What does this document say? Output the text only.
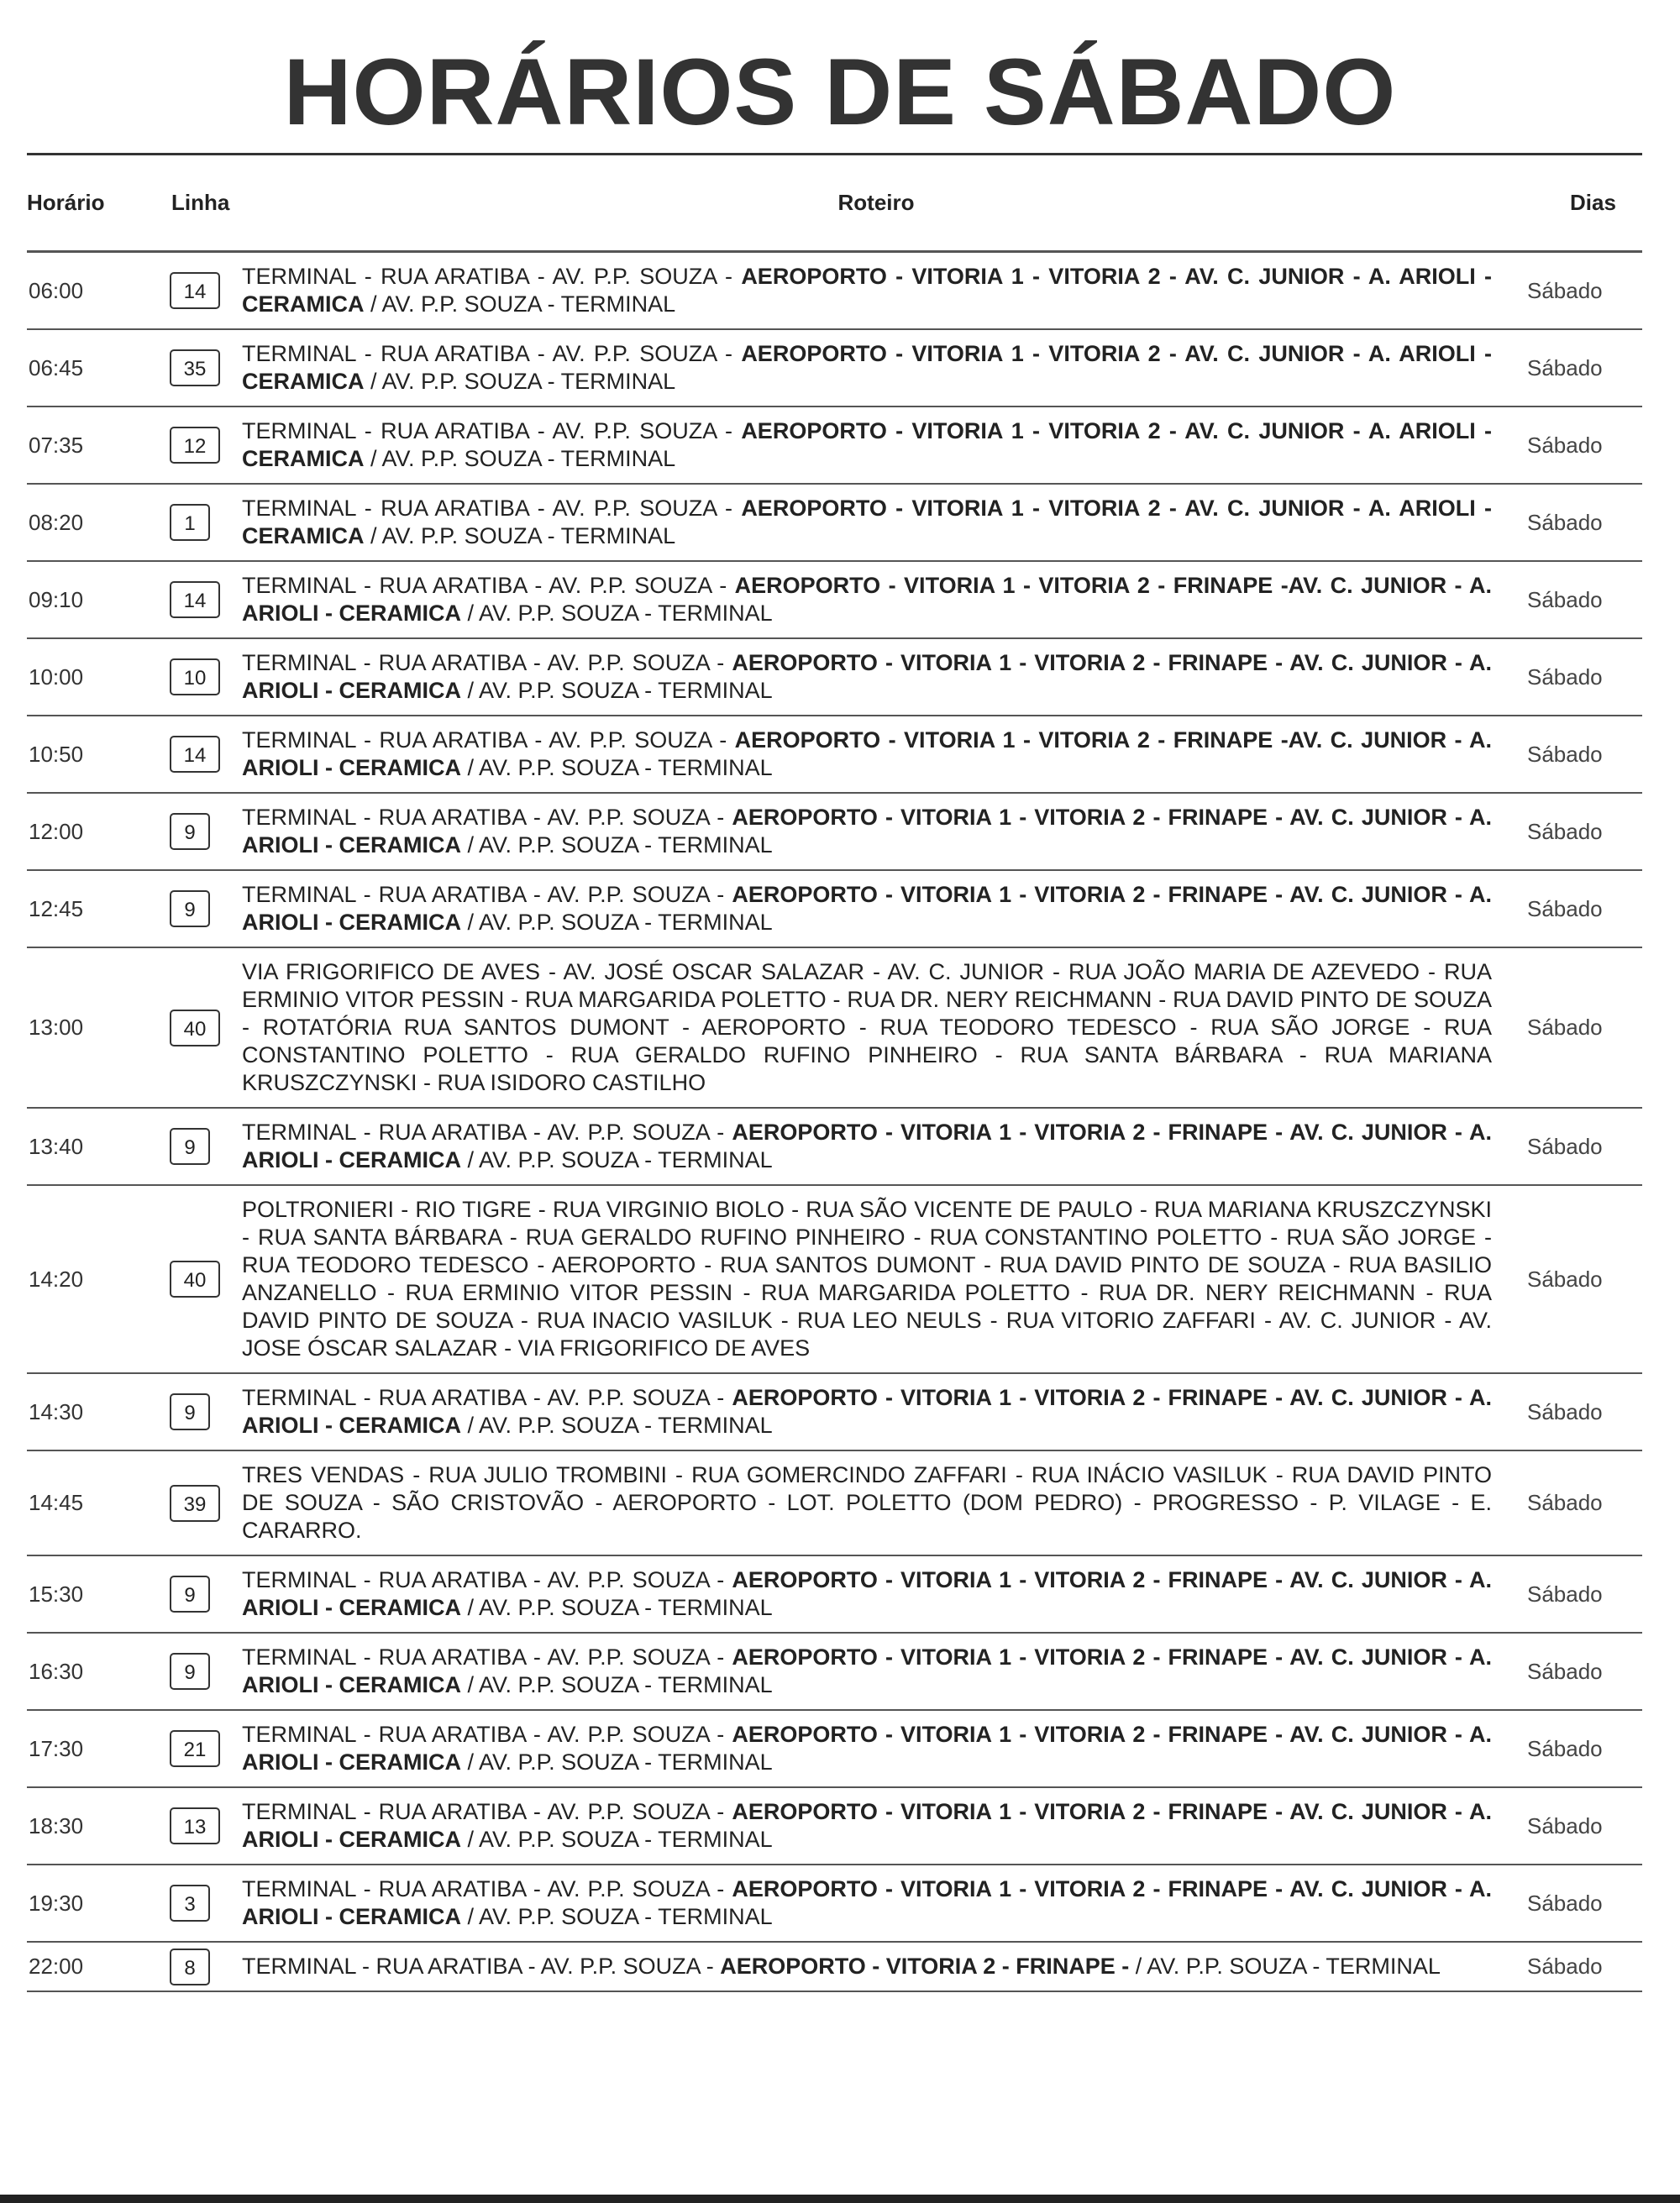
HORÁRIOS DE SÁBADO
Horário	Linha	Roteiro	Dias
06:00	14	TERMINAL - RUA ARATIBA - AV. P.P. SOUZA - AEROPORTO - VITORIA 1 - VITORIA 2 - AV. C. JUNIOR - A. ARIOLI - CERAMICA / AV. P.P. SOUZA - TERMINAL	Sábado
06:45	35	TERMINAL - RUA ARATIBA - AV. P.P. SOUZA - AEROPORTO - VITORIA 1 - VITORIA 2 - AV. C. JUNIOR - A. ARIOLI - CERAMICA / AV. P.P. SOUZA - TERMINAL	Sábado
07:35	12	TERMINAL - RUA ARATIBA - AV. P.P. SOUZA - AEROPORTO - VITORIA 1 - VITORIA 2 - AV. C. JUNIOR - A. ARIOLI - CERAMICA / AV. P.P. SOUZA - TERMINAL	Sábado
08:20	1	TERMINAL - RUA ARATIBA - AV. P.P. SOUZA - AEROPORTO - VITORIA 1 - VITORIA 2 - AV. C. JUNIOR - A. ARIOLI - CERAMICA / AV. P.P. SOUZA - TERMINAL	Sábado
09:10	14	TERMINAL - RUA ARATIBA - AV. P.P. SOUZA - AEROPORTO - VITORIA 1 - VITORIA 2 - FRINAPE -AV. C. JUNIOR - A. ARIOLI - CERAMICA / AV. P.P. SOUZA - TERMINAL	Sábado
10:00	10	TERMINAL - RUA ARATIBA - AV. P.P. SOUZA - AEROPORTO - VITORIA 1 - VITORIA 2 - FRINAPE - AV. C. JUNIOR - A. ARIOLI - CERAMICA / AV. P.P. SOUZA - TERMINAL	Sábado
10:50	14	TERMINAL - RUA ARATIBA - AV. P.P. SOUZA - AEROPORTO - VITORIA 1 - VITORIA 2 - FRINAPE -AV. C. JUNIOR - A. ARIOLI - CERAMICA / AV. P.P. SOUZA - TERMINAL	Sábado
12:00	9	TERMINAL - RUA ARATIBA - AV. P.P. SOUZA - AEROPORTO - VITORIA 1 - VITORIA 2 - FRINAPE - AV. C. JUNIOR - A. ARIOLI - CERAMICA / AV. P.P. SOUZA - TERMINAL	Sábado
12:45	9	TERMINAL - RUA ARATIBA - AV. P.P. SOUZA - AEROPORTO - VITORIA 1 - VITORIA 2 - FRINAPE - AV. C. JUNIOR - A. ARIOLI - CERAMICA / AV. P.P. SOUZA - TERMINAL	Sábado
13:00	40	VIA FRIGORIFICO DE AVES - AV. JOSÉ OSCAR SALAZAR - AV. C. JUNIOR - RUA JOÃO MARIA DE AZEVEDO - RUA ERMINIO VITOR PESSIN - RUA MARGARIDA POLETTO - RUA DR. NERY REICHMANN - RUA DAVID PINTO DE SOUZA - ROTATÓRIA RUA SANTOS DUMONT - AEROPORTO - RUA TEODORO TEDESCO - RUA SÃO JORGE - RUA CONSTANTINO POLETTO - RUA GERALDO RUFINO PINHEIRO - RUA SANTA BÁRBARA - RUA MARIANA KRUSZCZYNSKI - RUA ISIDORO CASTILHO	Sábado
13:40	9	TERMINAL - RUA ARATIBA - AV. P.P. SOUZA - AEROPORTO - VITORIA 1 - VITORIA 2 - FRINAPE - AV. C. JUNIOR - A. ARIOLI - CERAMICA / AV. P.P. SOUZA - TERMINAL	Sábado
14:20	40	POLTRONIERI - RIO TIGRE - RUA VIRGINIO BIOLO - RUA SÃO VICENTE DE PAULO - RUA MARIANA KRUSZCZYNSKI - RUA SANTA BÁRBARA - RUA GERALDO RUFINO PINHEIRO - RUA CONSTANTINO POLETTO - RUA SÃO JORGE - RUA TEODORO TEDESCO - AEROPORTO - RUA SANTOS DUMONT - RUA DAVID PINTO DE SOUZA - RUA BASILIO ANZANELLO - RUA ERMINIO VITOR PESSIN - RUA MARGARIDA POLETTO - RUA DR. NERY REICHMANN - RUA DAVID PINTO DE SOUZA - RUA INACIO VASILUK - RUA LEO NEULS - RUA VITORIO ZAFFARI - AV. C. JUNIOR - AV. JOSE ÓSCAR SALAZAR - VIA FRIGORIFICO DE AVES	Sábado
14:30	9	TERMINAL - RUA ARATIBA - AV. P.P. SOUZA - AEROPORTO - VITORIA 1 - VITORIA 2 - FRINAPE - AV. C. JUNIOR - A. ARIOLI - CERAMICA / AV. P.P. SOUZA - TERMINAL	Sábado
14:45	39	TRES VENDAS - RUA JULIO TROMBINI - RUA GOMERCINDO ZAFFARI - RUA INÁCIO VASILUK - RUA DAVID PINTO DE SOUZA - SÃO CRISTOVÃO - AEROPORTO - LOT. POLETTO (DOM PEDRO) - PROGRESSO - P. VILAGE - E. CARARRO.	Sábado
15:30	9	TERMINAL - RUA ARATIBA - AV. P.P. SOUZA - AEROPORTO - VITORIA 1 - VITORIA 2 - FRINAPE - AV. C. JUNIOR - A. ARIOLI - CERAMICA / AV. P.P. SOUZA - TERMINAL	Sábado
16:30	9	TERMINAL - RUA ARATIBA - AV. P.P. SOUZA - AEROPORTO - VITORIA 1 - VITORIA 2 - FRINAPE - AV. C. JUNIOR - A. ARIOLI - CERAMICA / AV. P.P. SOUZA - TERMINAL	Sábado
17:30	21	TERMINAL - RUA ARATIBA - AV. P.P. SOUZA - AEROPORTO - VITORIA 1 - VITORIA 2 - FRINAPE - AV. C. JUNIOR - A. ARIOLI - CERAMICA / AV. P.P. SOUZA - TERMINAL	Sábado
18:30	13	TERMINAL - RUA ARATIBA - AV. P.P. SOUZA - AEROPORTO - VITORIA 1 - VITORIA 2 - FRINAPE - AV. C. JUNIOR - A. ARIOLI - CERAMICA / AV. P.P. SOUZA - TERMINAL	Sábado
19:30	3	TERMINAL - RUA ARATIBA - AV. P.P. SOUZA - AEROPORTO - VITORIA 1 - VITORIA 2 - FRINAPE - AV. C. JUNIOR - A. ARIOLI - CERAMICA / AV. P.P. SOUZA - TERMINAL	Sábado
22:00	8	TERMINAL - RUA ARATIBA - AV. P.P. SOUZA - AEROPORTO - VITORIA 2 - FRINAPE - / AV. P.P. SOUZA - TERMINAL	Sábado
